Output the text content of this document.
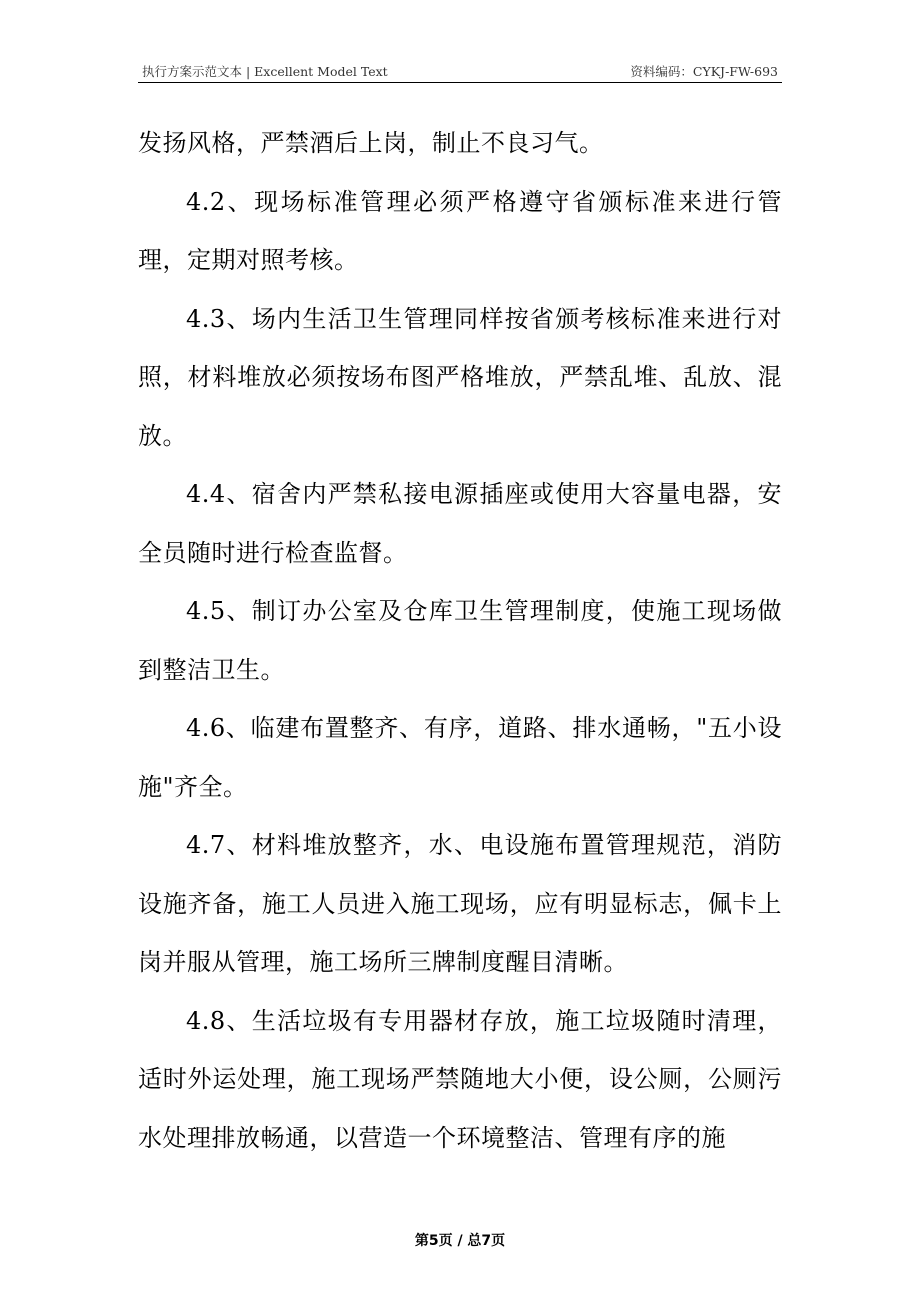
执行方案示范文本 | Excellent Model Text	资料编码：CYKJ-FW-693

发扬风格，严禁酒后上岗，制止不良习气。

4.2、现场标准管理必须严格遵守省颁标准来进行管理，定期对照考核。

4.3、场内生活卫生管理同样按省颁考核标准来进行对照，材料堆放必须按场布图严格堆放，严禁乱堆、乱放、混放。

4.4、宿舍内严禁私接电源插座或使用大容量电器，安全员随时进行检查监督。

4.5、制订办公室及仓库卫生管理制度，使施工现场做到整洁卫生。

4.6、临建布置整齐、有序，道路、排水通畅，"五小设施"齐全。

4.7、材料堆放整齐，水、电设施布置管理规范，消防设施齐备，施工人员进入施工现场，应有明显标志，佩卡上岗并服从管理，施工场所三牌制度醒目清晰。

4.8、生活垃圾有专用器材存放，施工垃圾随时清理，适时外运处理，施工现场严禁随地大小便，设公厕，公厕污水处理排放畅通，以营造一个环境整洁、管理有序的施

第5页 / 总7页
